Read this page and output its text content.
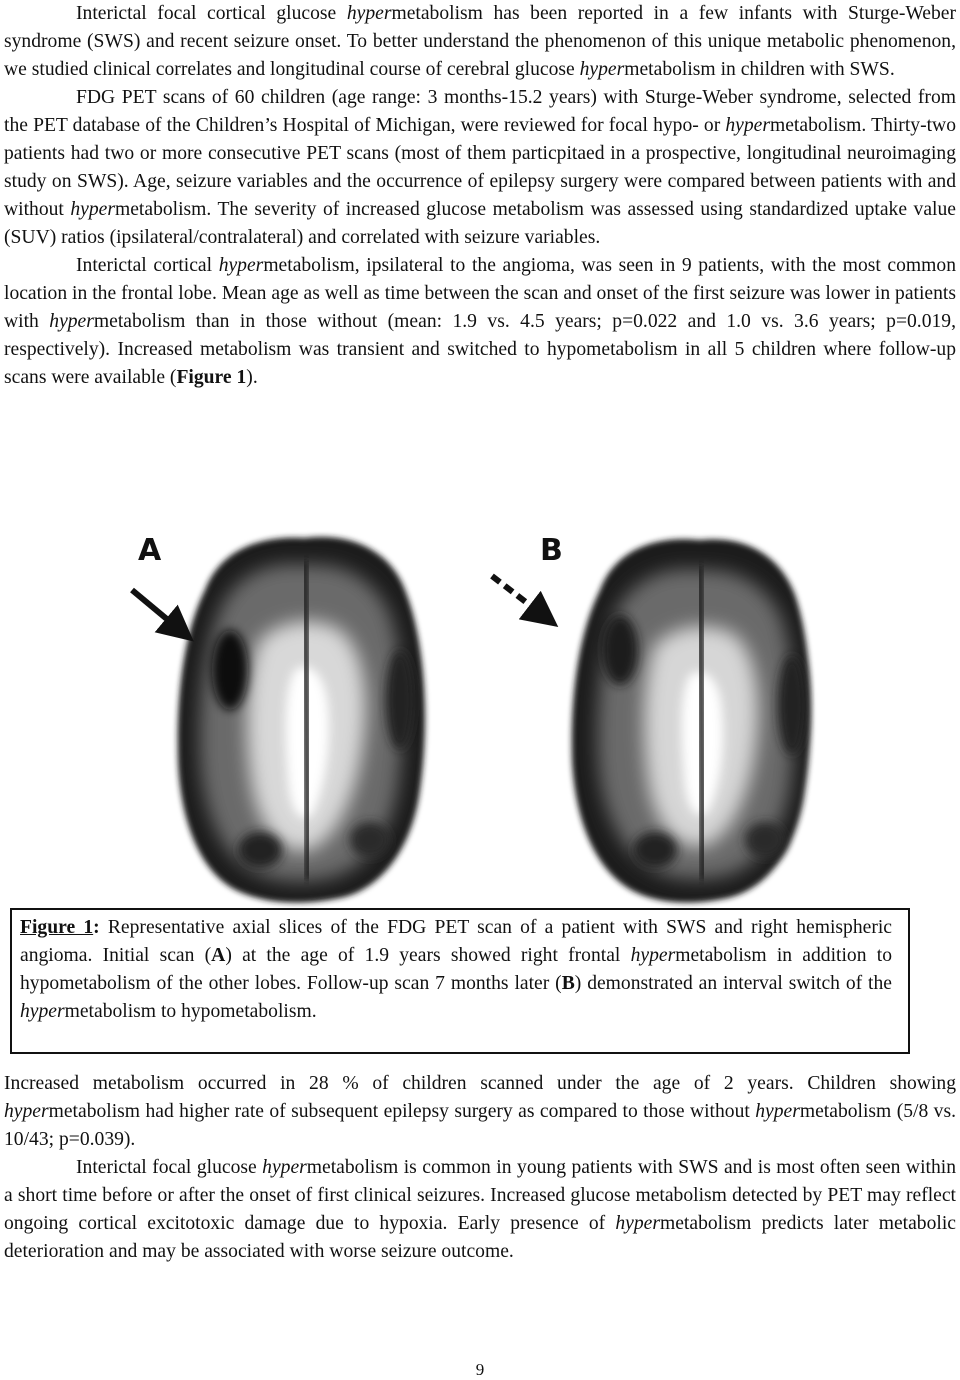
Interictal focal cortical glucose hypermetabolism has been reported in a few infants with Sturge-Weber syndrome (SWS) and recent seizure onset. To better understand the phenomenon of this unique metabolic phenomenon, we studied clinical correlates and longitudinal course of cerebral glucose hypermetabolism in children with SWS.

FDG PET scans of 60 children (age range: 3 months-15.2 years) with Sturge-Weber syndrome, selected from the PET database of the Children’s Hospital of Michigan, were reviewed for focal hypo- or hypermetabolism. Thirty-two patients had two or more consecutive PET scans (most of them particpitaed in a prospective, longitudinal neuroimaging study on SWS). Age, seizure variables and the occurrence of epilepsy surgery were compared between patients with and without hypermetabolism. The severity of increased glucose metabolism was assessed using standardized uptake value (SUV) ratios (ipsilateral/contralateral) and correlated with seizure variables.

Interictal cortical hypermetabolism, ipsilateral to the angioma, was seen in 9 patients, with the most common location in the frontal lobe. Mean age as well as time between the scan and onset of the first seizure was lower in patients with hypermetabolism than in those without (mean: 1.9 vs. 4.5 years; p=0.022 and 1.0 vs. 3.6 years; p=0.019, respectively). Increased metabolism was transient and switched to hypometabolism in all 5 children where follow-up scans were available (Figure 1).

A	B
Figure 1: Representative axial slices of the FDG PET scan of a patient with SWS and right hemispheric angioma. Initial scan (A) at the age of 1.9 years showed right frontal hypermetabolism in addition to hypometabolism of the other lobes. Follow-up scan 7 months later (B) demonstrated an interval switch of the hypermetabolism to hypometabolism.

Increased metabolism occurred in 28 % of children scanned under the age of 2 years. Children showing hypermetabolism had higher rate of subsequent epilepsy surgery as compared to those without hypermetabolism (5/8 vs. 10/43; p=0.039).

Interictal focal glucose hypermetabolism is common in young patients with SWS and is most often seen within a short time before or after the onset of first clinical seizures. Increased glucose metabolism detected by PET may reflect ongoing cortical excitotoxic damage due to hypoxia. Early presence of hypermetabolism predicts later metabolic deterioration and may be associated with worse seizure outcome.

9
